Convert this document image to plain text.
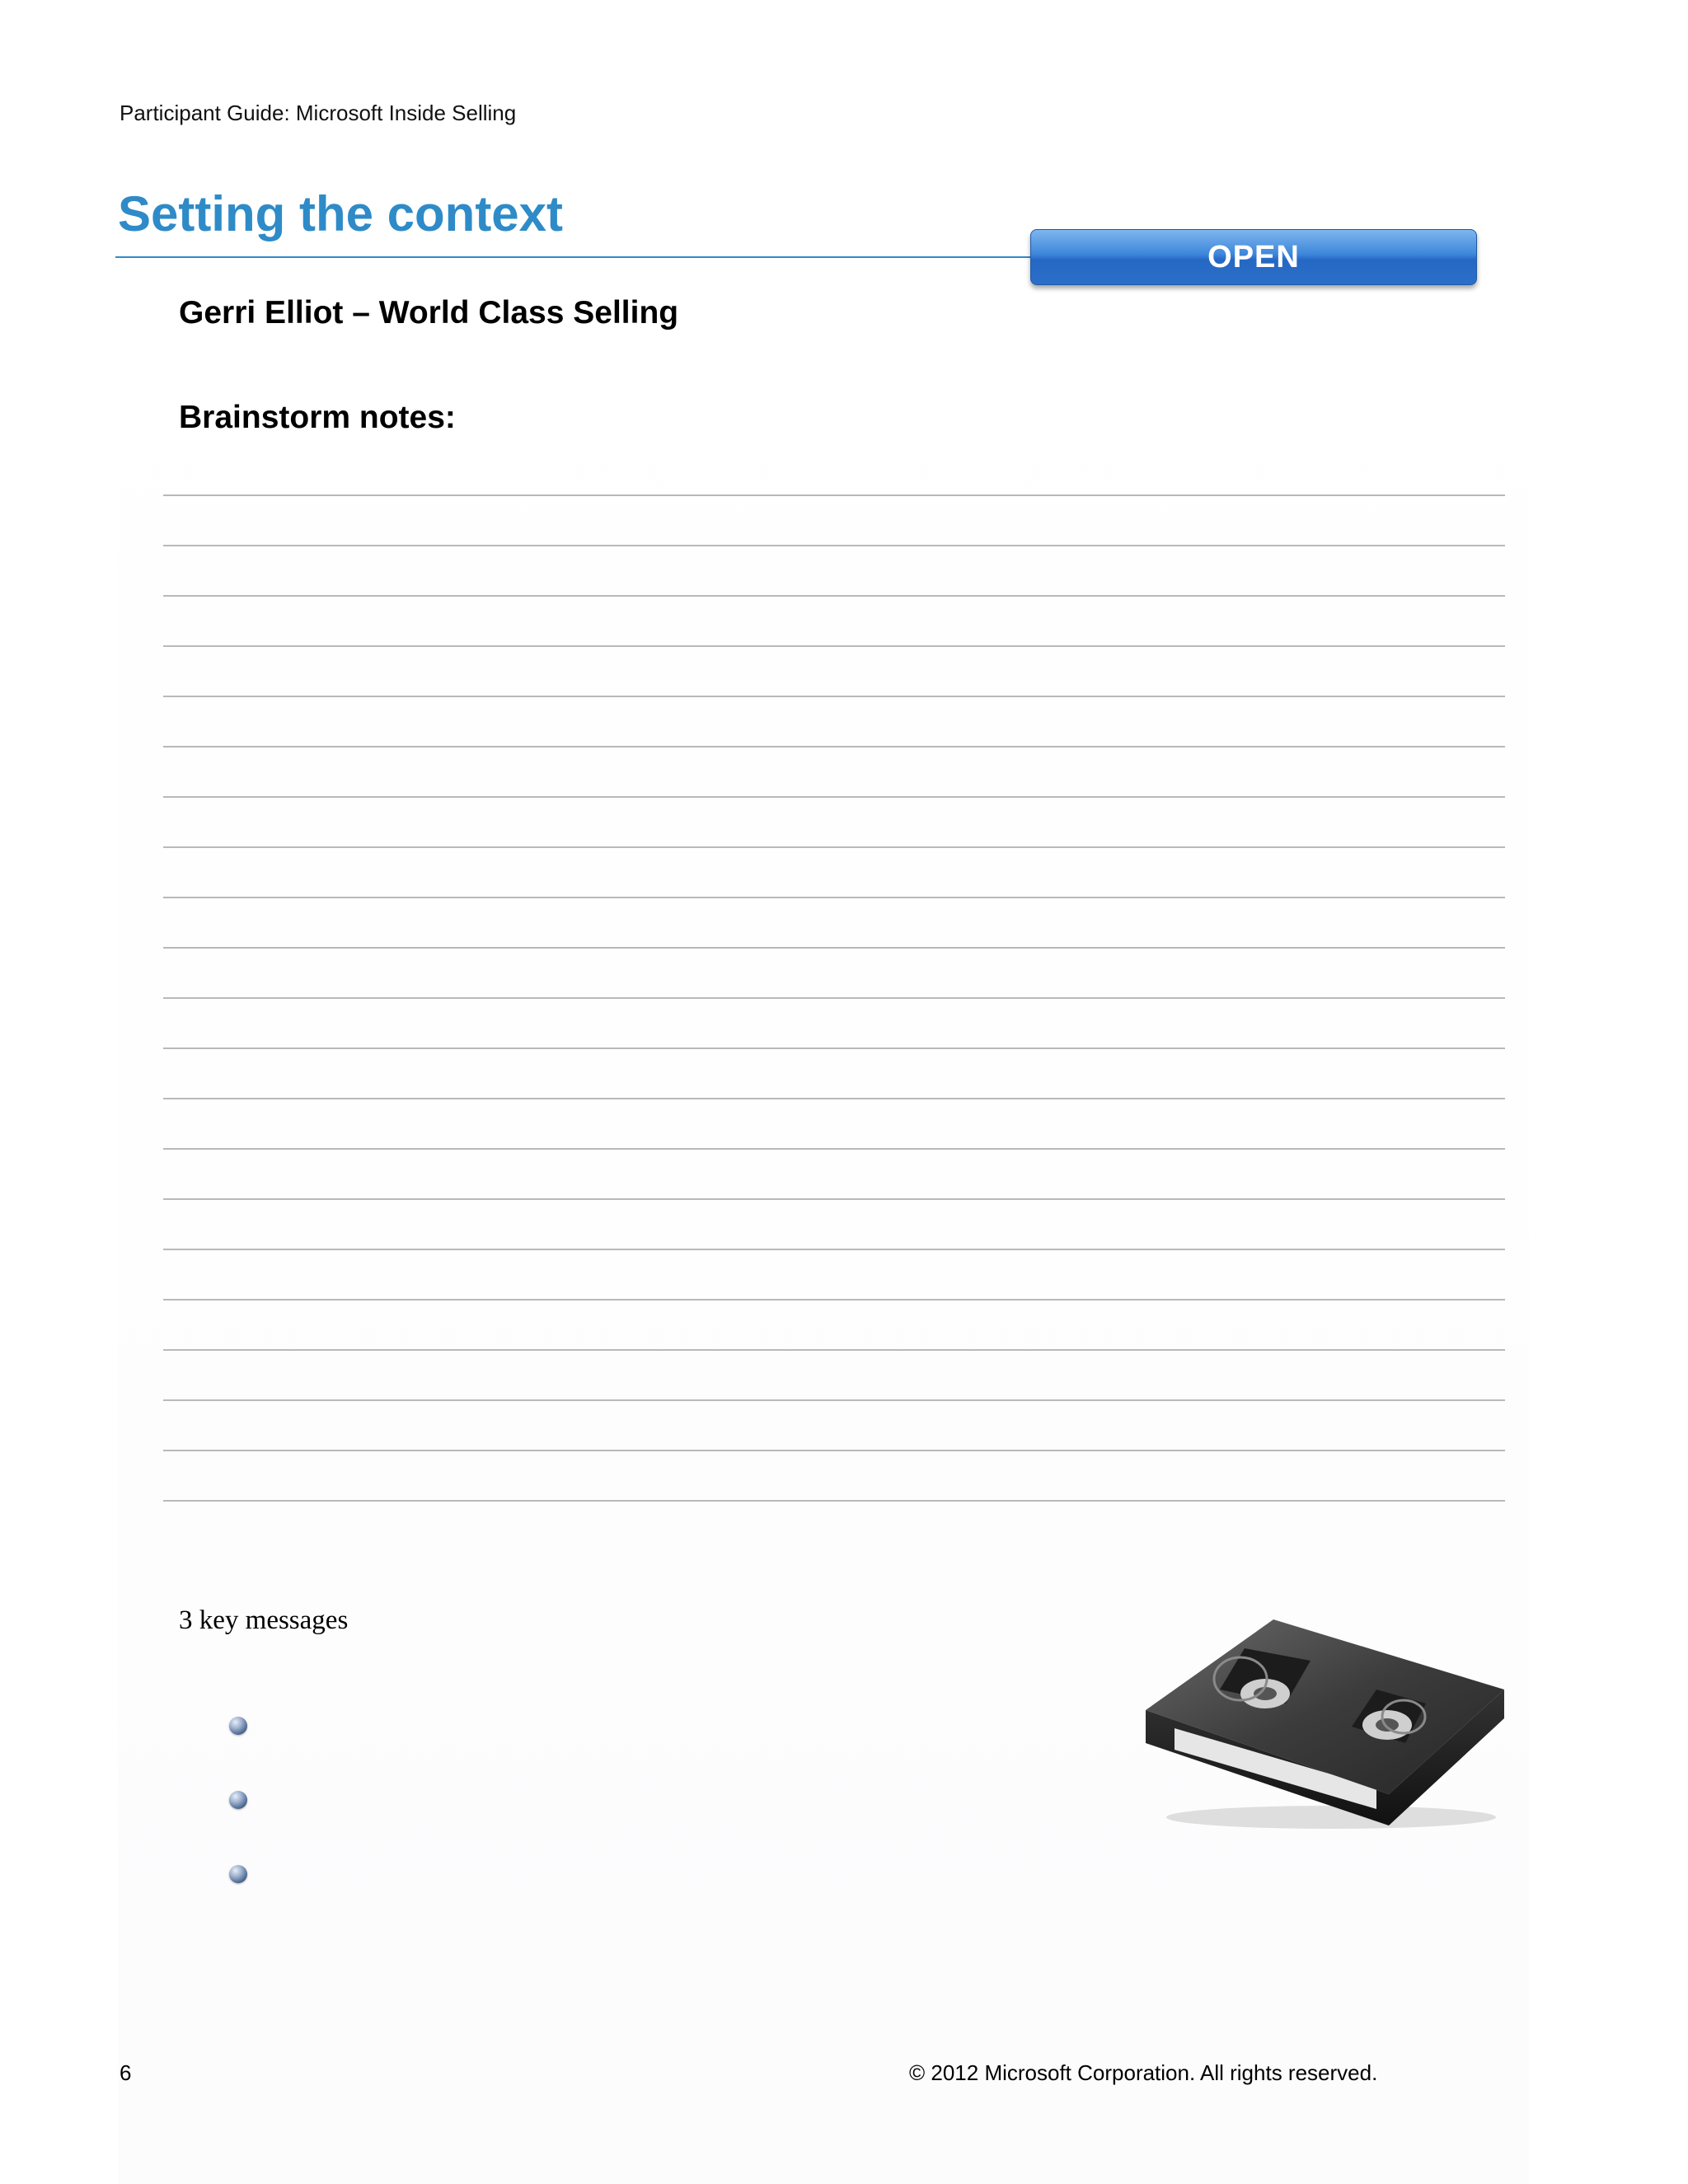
Participant Guide: Microsoft Inside Selling
Setting the context
OPEN
Gerri Elliot – World Class Selling
Brainstorm notes:
3 key messages
6	© 2012 Microsoft Corporation. All rights reserved.
